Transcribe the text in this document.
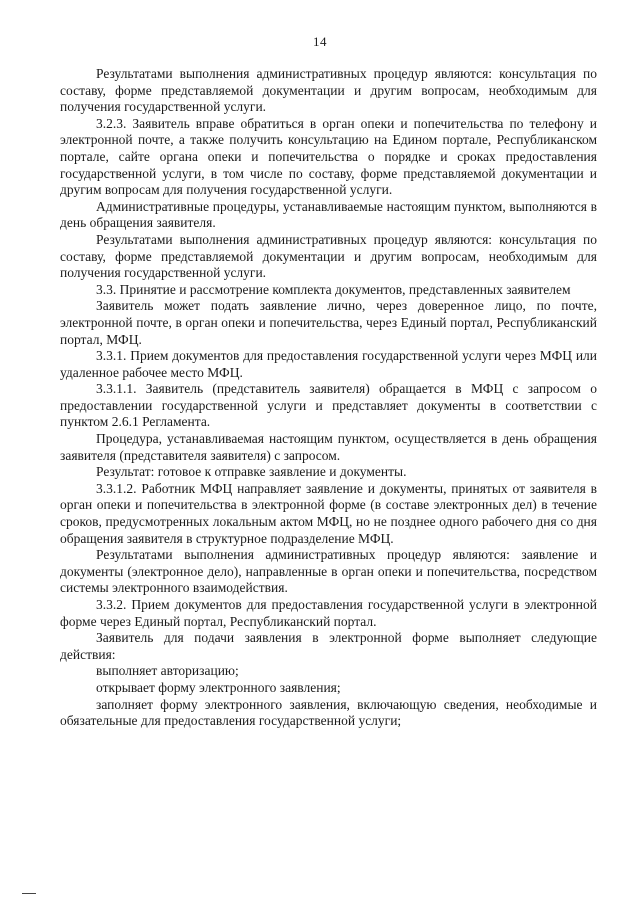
14

Результатами выполнения административных процедур являются: консультация по составу, форме представляемой документации и другим вопросам, необходимым для получения государственной услуги.

3.2.3. Заявитель вправе обратиться в орган опеки и попечительства по телефону и электронной почте, а также получить консультацию на Едином портале, Республиканском портале, сайте органа опеки и попечительства о порядке и сроках предоставления государственной услуги, в том числе по составу, форме представляемой документации и другим вопросам для получения государственной услуги.

Административные процедуры, устанавливаемые настоящим пунктом, выполняются в день обращения заявителя.

Результатами выполнения административных процедур являются: консультация по составу, форме представляемой документации и другим вопросам, необходимым для получения государственной услуги.

3.3. Принятие и рассмотрение комплекта документов, представленных заявителем

Заявитель может подать заявление лично, через доверенное лицо, по почте, электронной почте, в орган опеки и попечительства, через Единый портал, Республиканский портал, МФЦ.

3.3.1. Прием документов для предоставления государственной услуги через МФЦ или удаленное рабочее место МФЦ.

3.3.1.1. Заявитель (представитель заявителя) обращается в МФЦ с запросом о предоставлении государственной услуги и представляет документы в соответствии с пунктом 2.6.1 Регламента.

Процедура, устанавливаемая настоящим пунктом, осуществляется в день обращения заявителя (представителя заявителя) с запросом.

Результат: готовое к отправке заявление и документы.

3.3.1.2. Работник МФЦ направляет заявление и документы, принятых от заявителя в орган опеки и попечительства в электронной форме (в составе электронных дел) в течение сроков, предусмотренных локальным актом МФЦ, но не позднее одного рабочего дня со дня обращения заявителя в структурное подразделение МФЦ.

Результатами выполнения административных процедур являются: заявление и документы (электронное дело), направленные в орган опеки и попечительства, посредством системы электронного взаимодействия.

3.3.2. Прием документов для предоставления государственной услуги в электронной форме через Единый портал, Республиканский портал.

Заявитель для подачи заявления в электронной форме выполняет следующие действия:

выполняет авторизацию;

открывает форму электронного заявления;

заполняет форму электронного заявления, включающую сведения, необходимые и обязательные для предоставления государственной услуги;
